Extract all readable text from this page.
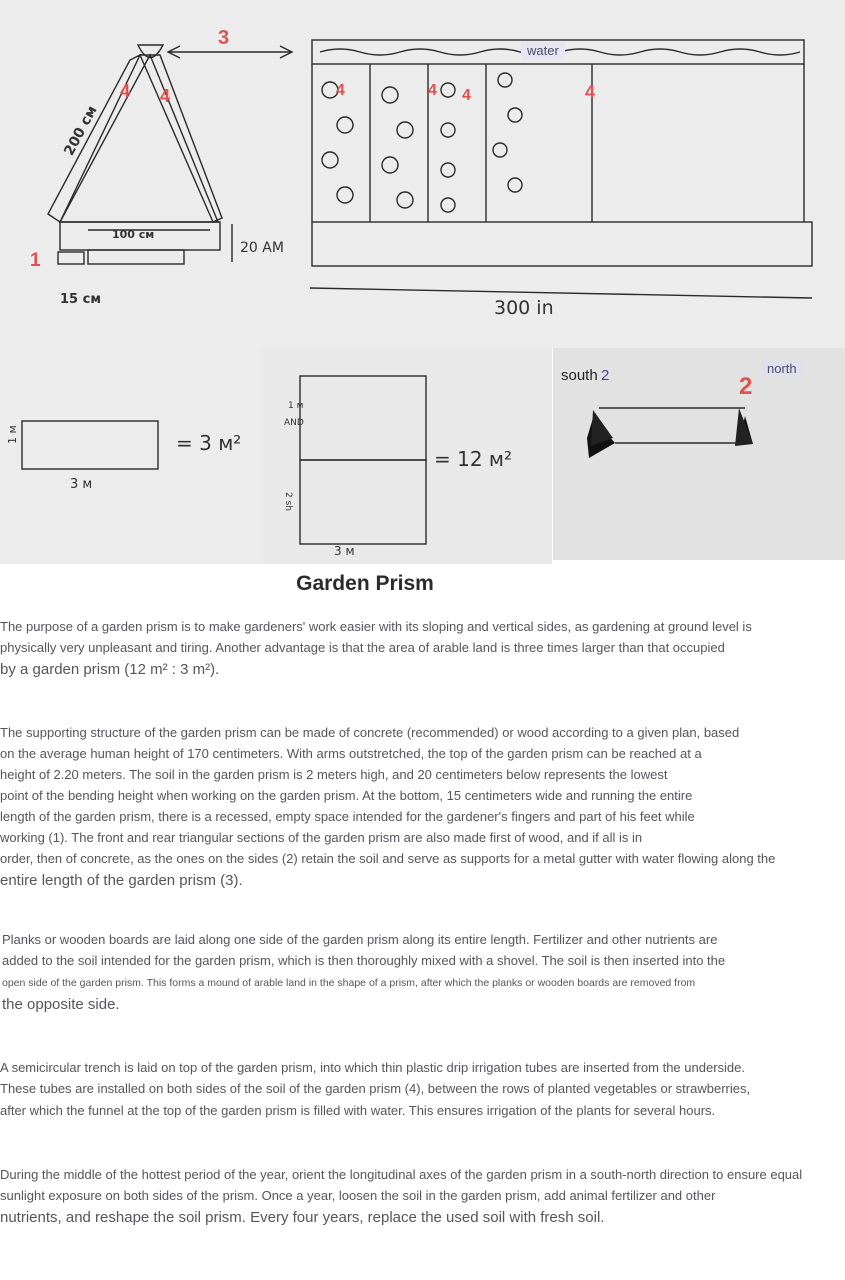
3
4 4	4	4 4	4
200 см
100 см
20 AM
1
15 см	300 in
water
1 м
3 м
= 3 м²
1 м
AND
2 sh
3 м
= 12 м²
south 2	2
north
Garden Prism

The purpose of a garden prism is to make gardeners' work easier with its sloping and vertical sides, as gardening at ground level is

physically very unpleasant and tiring. Another advantage is that the area of arable land is three times larger than that occupied

by a garden prism (12 m² : 3 m²).

The supporting structure of the garden prism can be made of concrete (recommended) or wood according to a given plan, based

on the average human height of 170 centimeters. With arms outstretched, the top of the garden prism can be reached at a

height of 2.20 meters. The soil in the garden prism is 2 meters high, and 20 centimeters below represents the lowest

point of the bending height when working on the garden prism. At the bottom, 15 centimeters wide and running the entire

length of the garden prism, there is a recessed, empty space intended for the gardener's fingers and part of his feet while

working (1). The front and rear triangular sections of the garden prism are also made first of wood, and if all is in

order, then of concrete, as the ones on the sides (2) retain the soil and serve as supports for a metal gutter with water flowing along the

entire length of the garden prism (3).

Planks or wooden boards are laid along one side of the garden prism along its entire length. Fertilizer and other nutrients are

added to the soil intended for the garden prism, which is then thoroughly mixed with a shovel. The soil is then inserted into the

open side of the garden prism. This forms a mound of arable land in the shape of a prism, after which the planks or wooden boards are removed from

the opposite side.

A semicircular trench is laid on top of the garden prism, into which thin plastic drip irrigation tubes are inserted from the underside.

These tubes are installed on both sides of the soil of the garden prism (4), between the rows of planted vegetables or strawberries,

after which the funnel at the top of the garden prism is filled with water. This ensures irrigation of the plants for several hours.

During the middle of the hottest period of the year, orient the longitudinal axes of the garden prism in a south-north direction to ensure equal

sunlight exposure on both sides of the prism. Once a year, loosen the soil in the garden prism, add animal fertilizer and other

nutrients, and reshape the soil prism. Every four years, replace the used soil with fresh soil.
